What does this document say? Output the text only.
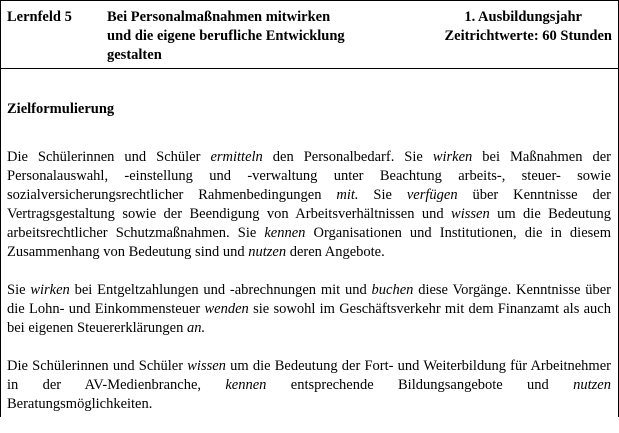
Lernfeld 5 Bei Personalmaßnahmen mitwirken
und die eigene berufliche Entwicklung
gestalten
1. Ausbildungsjahr
Zeitrichtwerte: 60 Stunden
Zielformulierung

Die Schülerinnen und Schüler ermitteln den Personalbedarf. Sie wirken bei Maßnahmen der Personalauswahl, -einstellung und -verwaltung unter Beachtung arbeits-, steuer- sowie sozialversicherungsrechtlicher Rahmenbedingungen mit. Sie verfügen über Kenntnisse der Vertragsgestaltung sowie der Beendigung von Arbeitsverhältnissen und wissen um die Bedeutung arbeitsrechtlicher Schutzmaßnahmen. Sie kennen Organisationen und Institutionen, die in diesem Zusammenhang von Bedeutung sind und nutzen deren Angebote.

Sie wirken bei Entgeltzahlungen und -abrechnungen mit und buchen diese Vorgänge. Kenntnisse über die Lohn- und Einkommensteuer wenden sie sowohl im Geschäftsverkehr mit dem Finanzamt als auch bei eigenen Steuererklärungen an.

Die Schülerinnen und Schüler wissen um die Bedeutung der Fort- und Weiterbildung für Arbeitnehmer in der AV-Medienbranche, kennen entsprechende Bildungsangebote und nutzen Beratungsmöglichkeiten.
